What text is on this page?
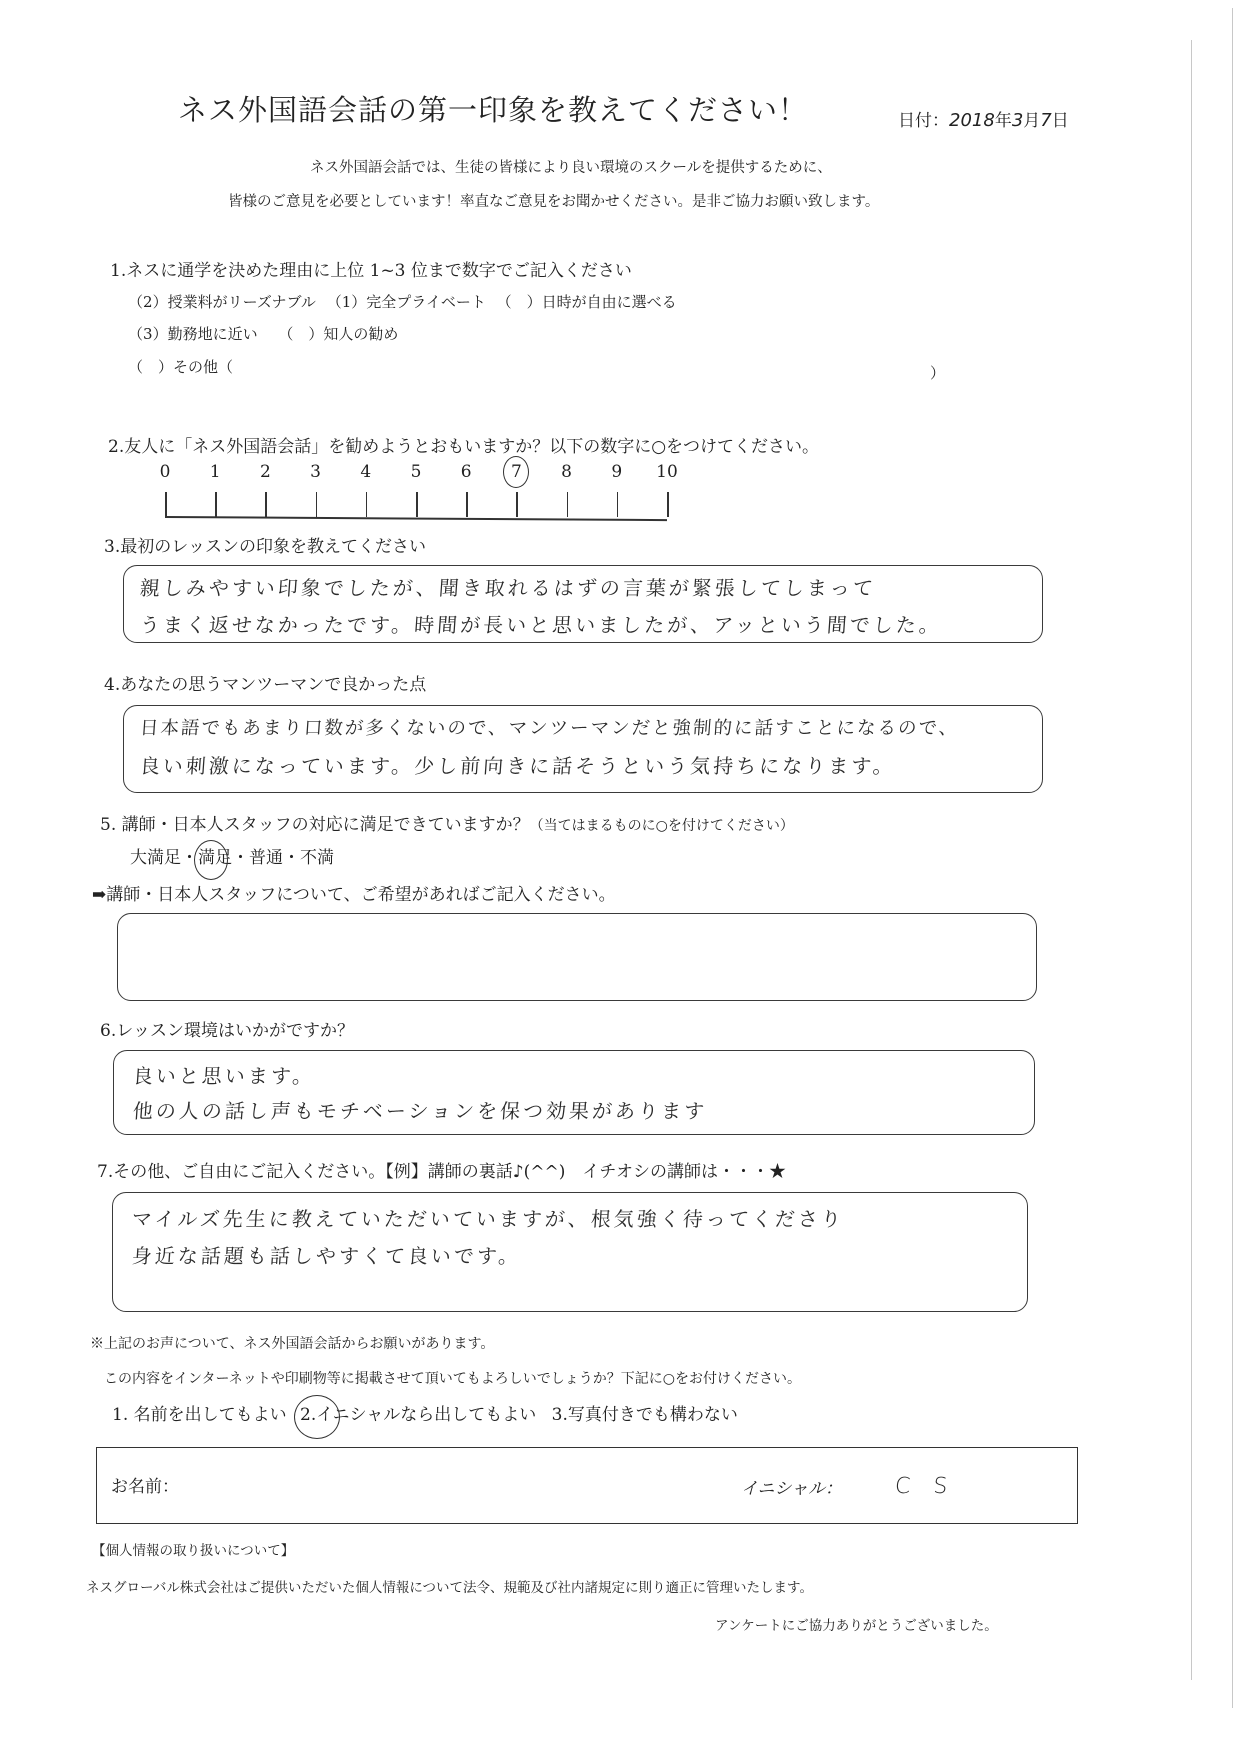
ネス外国語会話の第一印象を教えてください！	日付：2018年3月7日
ネス外国語会話では、生徒の皆様により良い環境のスクールを提供するために、
皆様のご意見を必要としています！率直なご意見をお聞かせください。是非ご協力お願い致します。
1.ネスに通学を決めた理由に上位 1~3 位まで数字でご記入ください
（2）授業料がリーズナブル （1）完全プライベート （　）日時が自由に選べる
（3）勤務地に近い （　）知人の勧め
（　）その他（	）
2.友人に「ネス外国語会話」を勧めようとおもいますか？以下の数字に○をつけてください。
0	1	2	3	4	5	6	7	8	9	10
3.最初のレッスンの印象を教えてください
親しみやすい印象でしたが、聞き取れるはずの言葉が緊張してしまって
うまく返せなかったです。時間が長いと思いましたが、アッという間でした。
4.あなたの思うマンツーマンで良かった点
日本語でもあまり口数が多くないので、マンツーマンだと強制的に話すことになるので、
良い刺激になっています。少し前向きに話そうという気持ちになります。
5. 講師・日本人スタッフの対応に満足できていますか？（当てはまるものに○を付けてください）
大満足・満足
・普通・不満
➡講師・日本人スタッフについて、ご希望があればご記入ください。
6.レッスン環境はいかがですか？
良いと思います。
他の人の話し声もモチベーションを保つ効果があります
7.その他、ご自由にご記入ください。【例】講師の裏話♪(^^)　イチオシの講師は・・・★
マイルズ先生に教えていただいていますが、根気強く待ってくださり
身近な話題も話しやすくて良いです。
※上記のお声について、ネス外国語会話からお願いがあります。
この内容をインターネットや印刷物等に掲載させて頂いてもよろしいでしょうか？下記に○をお付けください。
1. 名前を出してもよい 2.イニシャルなら出してもよい 3.写真付きでも構わない
お名前：	イニシャル： C S
【個人情報の取り扱いについて】
ネスグローバル株式会社はご提供いただいた個人情報について法令、規範及び社内諸規定に則り適正に管理いたします。
アンケートにご協力ありがとうございました。
